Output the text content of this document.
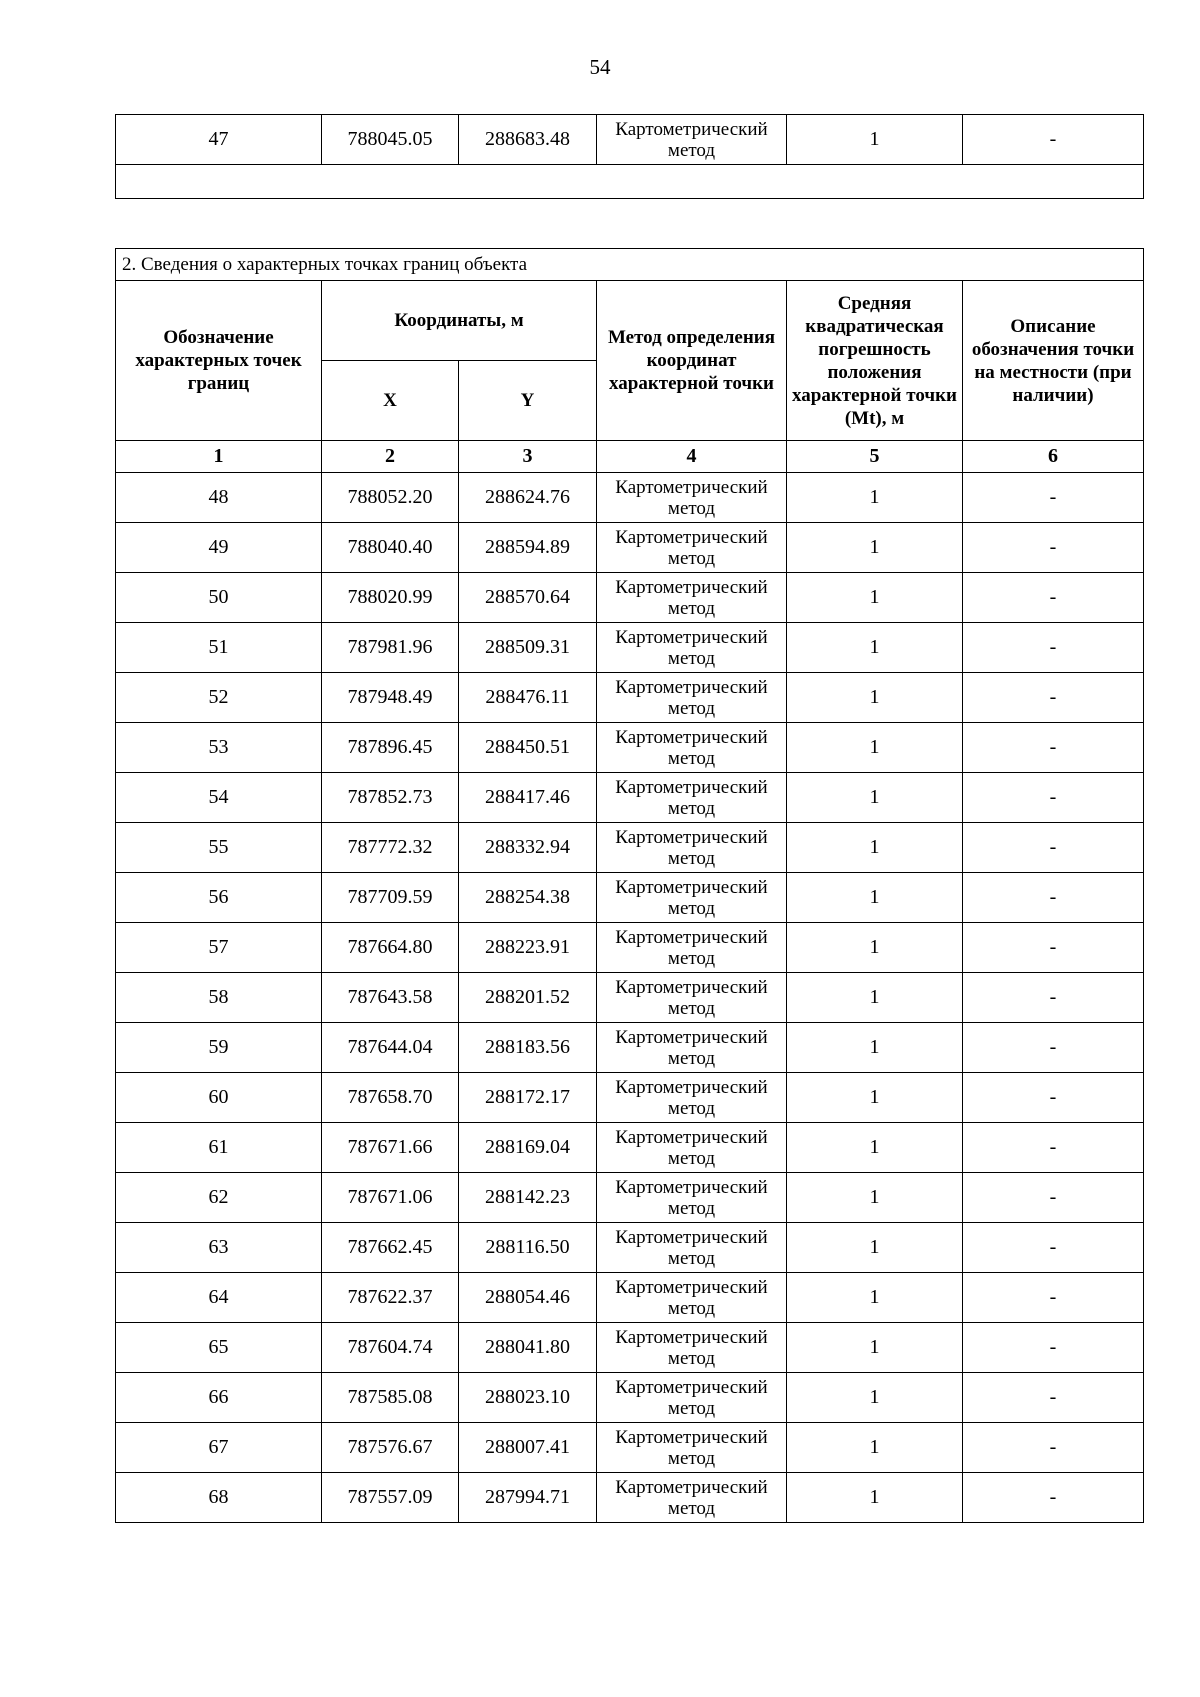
54
47	788045.05	288683.48	Картометрический метод	1	-

2. Сведения о характерных точках границ объекта					
Обозначение характерных точек границ	Координаты, м		Метод определения координат характерной точки	Средняя квадратическая погрешность положения характерной точки (Mt), м	Описание обозначения точки на местности (при наличии)
	X	Y			
1	2	3	4	5	6
48	788052.20	288624.76	Картометрический метод	1	-
49	788040.40	288594.89	Картометрический метод	1	-
50	788020.99	288570.64	Картометрический метод	1	-
51	787981.96	288509.31	Картометрический метод	1	-
52	787948.49	288476.11	Картометрический метод	1	-
53	787896.45	288450.51	Картометрический метод	1	-
54	787852.73	288417.46	Картометрический метод	1	-
55	787772.32	288332.94	Картометрический метод	1	-
56	787709.59	288254.38	Картометрический метод	1	-
57	787664.80	288223.91	Картометрический метод	1	-
58	787643.58	288201.52	Картометрический метод	1	-
59	787644.04	288183.56	Картометрический метод	1	-
60	787658.70	288172.17	Картометрический метод	1	-
61	787671.66	288169.04	Картометрический метод	1	-
62	787671.06	288142.23	Картометрический метод	1	-
63	787662.45	288116.50	Картометрический метод	1	-
64	787622.37	288054.46	Картометрический метод	1	-
65	787604.74	288041.80	Картометрический метод	1	-
66	787585.08	288023.10	Картометрический метод	1	-
67	787576.67	288007.41	Картометрический метод	1	-
68	787557.09	287994.71	Картометрический метод	1	-
